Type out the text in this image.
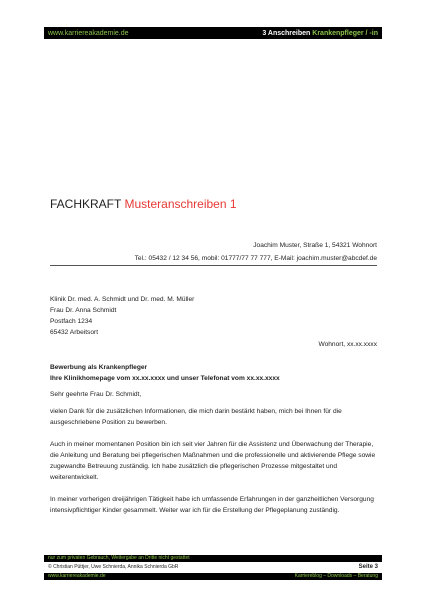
www.karriereakademie.de	3 Anschreiben Krankenpfleger / -in
FACHKRAFT Musteranschreiben 1
Joachim Muster, Straße 1, 54321 Wohnort
Tel.: 05432 / 12 34 56, mobil: 01777/77 77 777, E-Mail: joachim.muster@abcdef.de
Klinik Dr. med. A. Schmidt und Dr. med. M. Müller
Frau Dr. Anna Schmidt
Postfach 1234
65432 Arbeitsort
Wohnort, xx.xx.xxxx
Bewerbung als Krankenpfleger
Ihre Klinikhomepage vom xx.xx.xxxx und unser Telefonat vom xx.xx.xxxx
Sehr geehrte Frau Dr. Schmidt,
vielen Dank für die zusätzlichen Informationen, die mich darin bestärkt haben, mich bei Ihnen für die ausgeschriebene Position zu bewerben.
Auch in meiner momentanen Position bin ich seit vier Jahren für die Assistenz und Überwachung der Therapie, die Anleitung und Beratung bei pflegerischen Maßnahmen und die professionelle und aktivierende Pflege sowie zugewandte Betreuung zuständig. Ich habe zusätzlich die pflegerischen Prozesse mitgestaltet und weiterentwickelt.
In meiner vorherigen dreijährigen Tätigkeit habe ich umfassende Erfahrungen in der ganzheitlichen Versorgung intensivpflichtiger Kinder gesammelt. Weiter war ich für die Erstellung der Pflegeplanung zuständig.
nur zum privaten Gebrauch, Weitergabe an Dritte nicht gestattet
© Christian Püttjer, Uwe Schnierda, Annika Schnierda GbR	Seite 3
www.karriereakademie.de	Karriereblog – Downloads – Beratung
